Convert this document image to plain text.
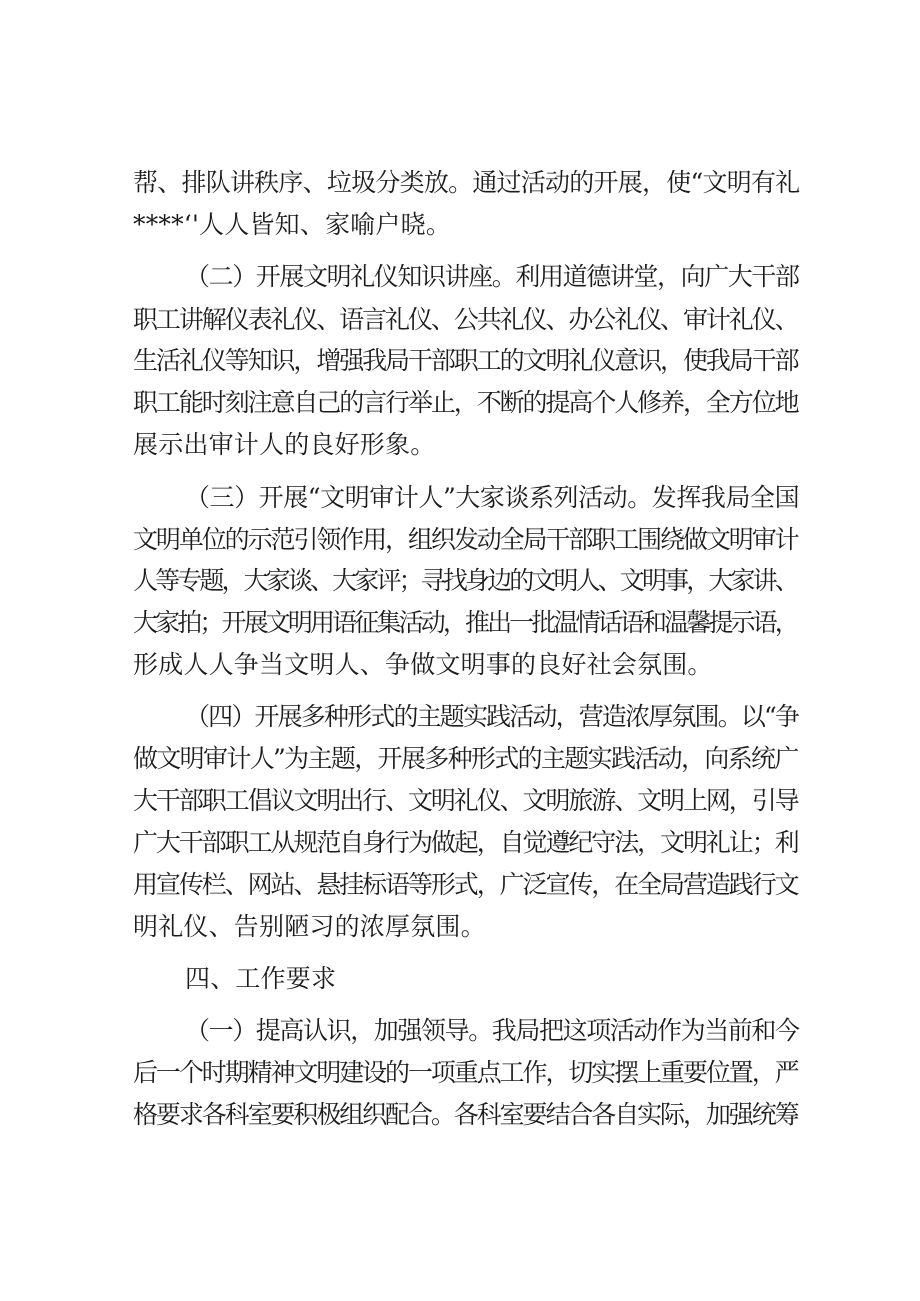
帮、排队讲秩序、垃圾分类放。通过活动的开展，使“文明有礼

****‘'人人皆知、家喻户晓。

（二）开展文明礼仪知识讲座。利用道德讲堂，向广大干部

职工讲解仪表礼仪、语言礼仪、公共礼仪、办公礼仪、审计礼仪、

生活礼仪等知识，增强我局干部职工的文明礼仪意识，使我局干部

职工能时刻注意自己的言行举止，不断的提高个人修养，全方位地

展示出审计人的良好形象。

（三）开展“文明审计人”大家谈系列活动。发挥我局全国

文明单位的示范引领作用，组织发动全局干部职工围绕做文明审计

人等专题，大家谈、大家评；寻找身边的文明人、文明事，大家讲、

大家拍；开展文明用语征集活动，推出一批温情话语和温馨提示语，

形成人人争当文明人、争做文明事的良好社会氛围。

（四）开展多种形式的主题实践活动，营造浓厚氛围。以“争

做文明审计人”为主题，开展多种形式的主题实践活动，向系统广

大干部职工倡议文明出行、文明礼仪、文明旅游、文明上网，引导

广大干部职工从规范自身行为做起，自觉遵纪守法，文明礼让；利

用宣传栏、网站、悬挂标语等形式，广泛宣传，在全局营造践行文

明礼仪、告别陋习的浓厚氛围。

四、工作要求

（一）提高认识，加强领导。我局把这项活动作为当前和今

后一个时期精神文明建设的一项重点工作，切实摆上重要位置，严

格要求各科室要积极组织配合。各科室要结合各自实际，加强统筹
